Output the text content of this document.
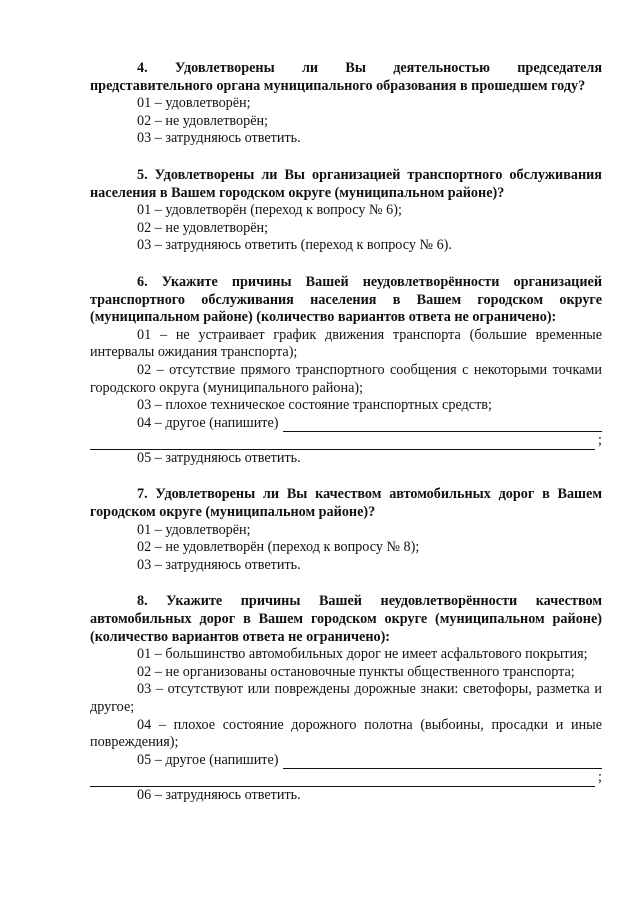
4. Удовлетворены ли Вы деятельностью председателя представительного органа муниципального образования в прошедшем году?

01 – удовлетворён;

02 – не удовлетворён;

03 – затрудняюсь ответить.

5. Удовлетворены ли Вы организацией транспортного обслуживания населения в Вашем городском округе (муниципальном районе)?

01 – удовлетворён (переход к вопросу № 6);

02 – не удовлетворён;

03 – затрудняюсь ответить (переход к вопросу № 6).

6. Укажите причины Вашей неудовлетворённости организацией транспортного обслуживания населения в Вашем городском округе (муниципальном районе) (количество вариантов ответа не ограничено):

01 – не устраивает график движения транспорта (большие временные интервалы ожидания транспорта);

02 – отсутствие прямого транспортного сообщения с некоторыми точками городского округа (муниципального района);

03 – плохое техническое состояние транспортных средств;

04 – другое (напишите)
;

05 – затрудняюсь ответить.

7. Удовлетворены ли Вы качеством автомобильных дорог в Вашем городском округе (муниципальном районе)?

01 – удовлетворён;

02 – не удовлетворён (переход к вопросу № 8);

03 – затрудняюсь ответить.

8. Укажите причины Вашей неудовлетворённости качеством автомобильных дорог в Вашем городском округе (муниципальном районе) (количество вариантов ответа не ограничено):

01 – большинство автомобильных дорог не имеет асфальтового покрытия;

02 – не организованы остановочные пункты общественного транспорта;

03 – отсутствуют или повреждены дорожные знаки: светофоры, разметка и другое;

04 – плохое состояние дорожного полотна (выбоины, просадки и иные повреждения);

05 – другое (напишите)
;

06 – затрудняюсь ответить.
